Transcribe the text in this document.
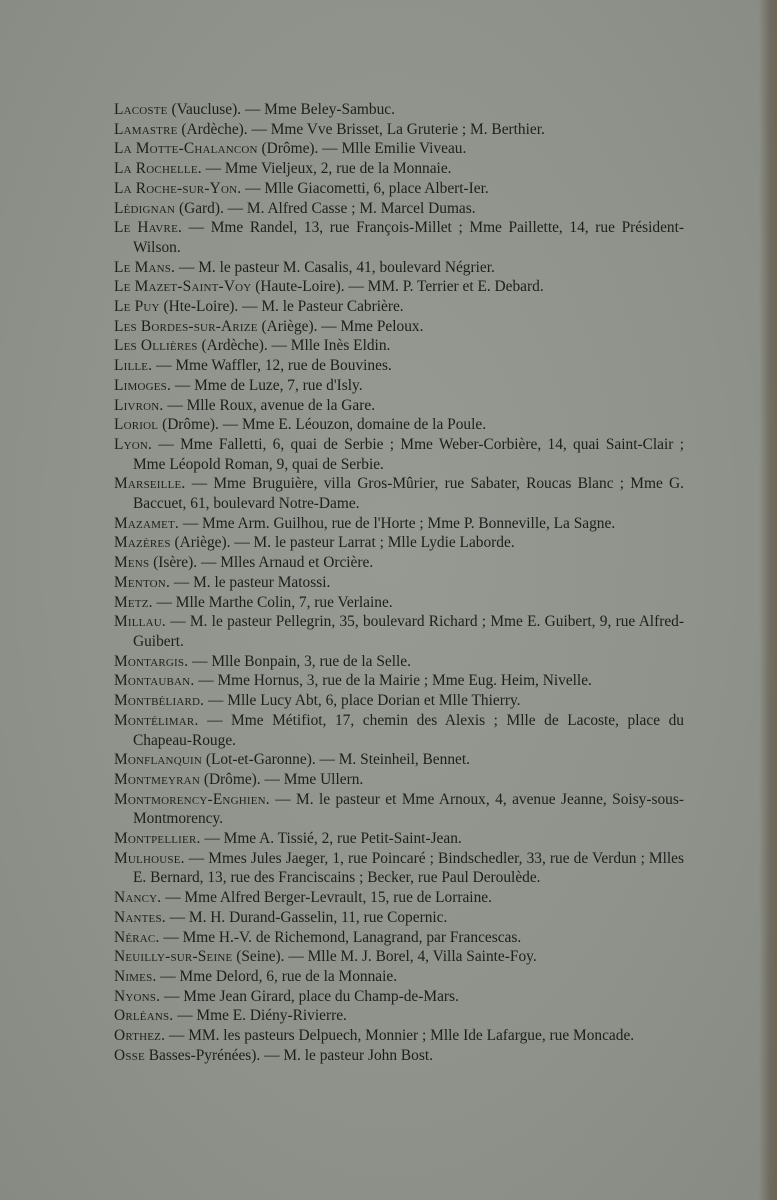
Lacoste (Vaucluse). — Mme Beley-Sambuc.
Lamastre (Ardèche). — Mme Vve Brisset, La Gruterie ; M. Berthier.
La Motte-Chalancon (Drôme). — Mlle Emilie Viveau.
La Rochelle. — Mme Vieljeux, 2, rue de la Monnaie.
La Roche-sur-Yon. — Mlle Giacometti, 6, place Albert-Ier.
Lédignan (Gard). — M. Alfred Casse ; M. Marcel Dumas.
Le Havre. — Mme Randel, 13, rue François-Millet ; Mme Paillette, 14, rue Président-Wilson.
Le Mans. — M. le pasteur M. Casalis, 41, boulevard Négrier.
Le Mazet-Saint-Voy (Haute-Loire). — MM. P. Terrier et E. Debard.
Le Puy (Hte-Loire). — M. le Pasteur Cabrière.
Les Bordes-sur-Arize (Ariège). — Mme Peloux.
Les Ollières (Ardèche). — Mlle Inès Eldin.
Lille. — Mme Waffler, 12, rue de Bouvines.
Limoges. — Mme de Luze, 7, rue d'Isly.
Livron. — Mlle Roux, avenue de la Gare.
Loriol (Drôme). — Mme E. Léouzon, domaine de la Poule.
Lyon. — Mme Falletti, 6, quai de Serbie ; Mme Weber-Corbière, 14, quai Saint-Clair ; Mme Léopold Roman, 9, quai de Serbie.
Marseille. — Mme Bruguière, villa Gros-Mûrier, rue Sabater, Roucas Blanc ; Mme G. Baccuet, 61, boulevard Notre-Dame.
Mazamet. — Mme Arm. Guilhou, rue de l'Horte ; Mme P. Bonneville, La Sagne.
Mazères (Ariège). — M. le pasteur Larrat ; Mlle Lydie Laborde.
Mens (Isère). — Mlles Arnaud et Orcière.
Menton. — M. le pasteur Matossi.
Metz. — Mlle Marthe Colin, 7, rue Verlaine.
Millau. — M. le pasteur Pellegrin, 35, boulevard Richard ; Mme E. Guibert, 9, rue Alfred-Guibert.
Montargis. — Mlle Bonpain, 3, rue de la Selle.
Montauban. — Mme Hornus, 3, rue de la Mairie ; Mme Eug. Heim, Nivelle.
Montbéliard. — Mlle Lucy Abt, 6, place Dorian et Mlle Thierry.
Montélimar. — Mme Métifiot, 17, chemin des Alexis ; Mlle de Lacoste, place du Chapeau-Rouge.
Monflanquin (Lot-et-Garonne). — M. Steinheil, Bennet.
Montmeyran (Drôme). — Mme Ullern.
Montmorency-Enghien. — M. le pasteur et Mme Arnoux, 4, avenue Jeanne, Soisy-sous-Montmorency.
Montpellier. — Mme A. Tissié, 2, rue Petit-Saint-Jean.
Mulhouse. — Mmes Jules Jaeger, 1, rue Poincaré ; Bindschedler, 33, rue de Verdun ; Mlles E. Bernard, 13, rue des Franciscains ; Becker, rue Paul Deroulède.
Nancy. — Mme Alfred Berger-Levrault, 15, rue de Lorraine.
Nantes. — M. H. Durand-Gasselin, 11, rue Copernic.
Nérac. — Mme H.-V. de Richemond, Lanagrand, par Francescas.
Neuilly-sur-Seine (Seine). — Mlle M. J. Borel, 4, Villa Sainte-Foy.
Nimes. — Mme Delord, 6, rue de la Monnaie.
Nyons. — Mme Jean Girard, place du Champ-de-Mars.
Orléans. — Mme E. Diény-Rivierre.
Orthez. — MM. les pasteurs Delpuech, Monnier ; Mlle Ide Lafargue, rue Moncade.
Osse Basses-Pyrénées). — M. le pasteur John Bost.
